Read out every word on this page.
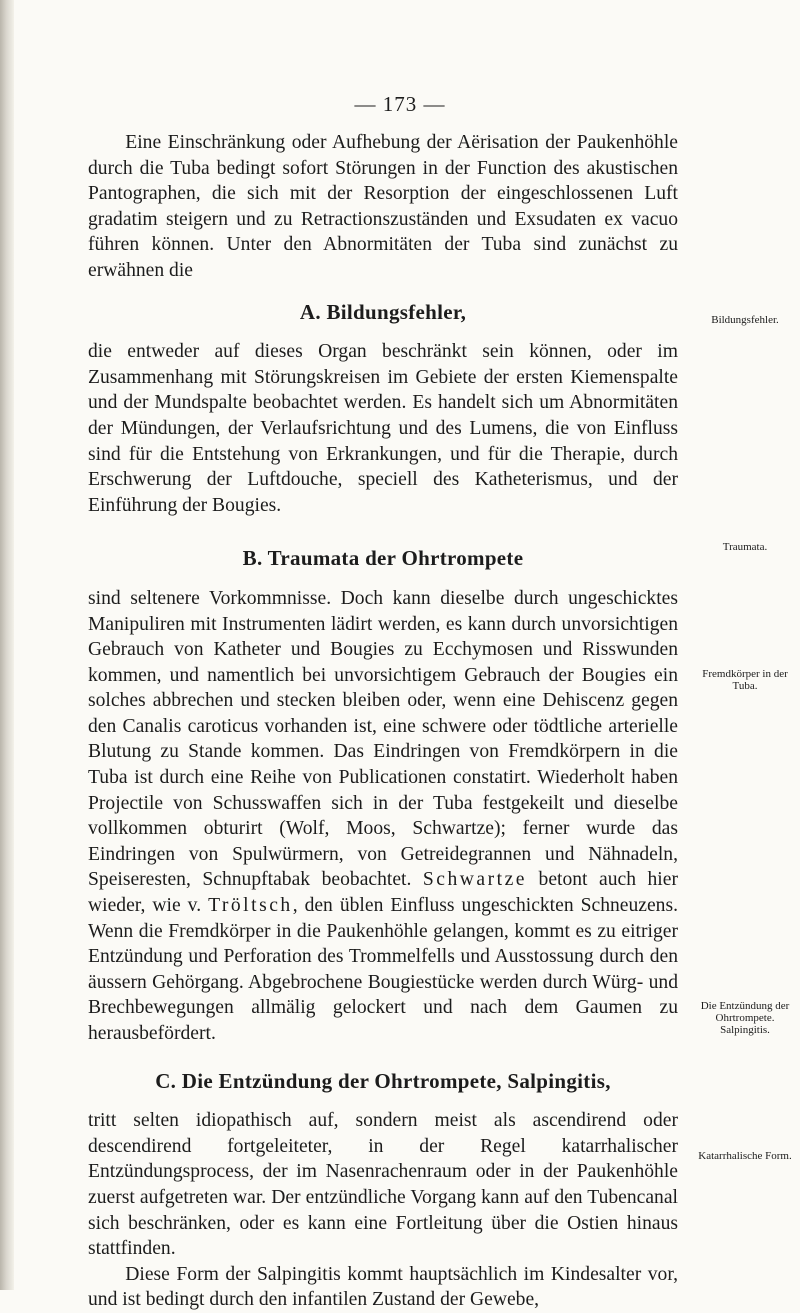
— 173 —

Eine Einschränkung oder Aufhebung der Aërisation der Paukenhöhle durch die Tuba bedingt sofort Störungen in der Function des akustischen Pantographen, die sich mit der Resorption der eingeschlossenen Luft gradatim steigern und zu Retractionszuständen und Exsudaten ex vacuo führen können. Unter den Abnormitäten der Tuba sind zunächst zu erwähnen die

A. Bildungsfehler,

die entweder auf dieses Organ beschränkt sein können, oder im Zusammenhang mit Störungskreisen im Gebiete der ersten Kiemenspalte und der Mundspalte beobachtet werden. Es handelt sich um Abnormitäten der Mündungen, der Verlaufsrichtung und des Lumens, die von Einfluss sind für die Entstehung von Erkrankungen, und für die Therapie, durch Erschwerung der Luftdouche, speciell des Katheterismus, und der Einführung der Bougies.

B. Traumata der Ohrtrompete

sind seltenere Vorkommnisse. Doch kann dieselbe durch ungeschicktes Manipuliren mit Instrumenten lädirt werden, es kann durch unvorsichtigen Gebrauch von Katheter und Bougies zu Ecchymosen und Risswunden kommen, und namentlich bei unvorsichtigem Gebrauch der Bougies ein solches abbrechen und stecken bleiben oder, wenn eine Dehiscenz gegen den Canalis caroticus vorhanden ist, eine schwere oder tödtliche arterielle Blutung zu Stande kommen. Das Eindringen von Fremdkörpern in die Tuba ist durch eine Reihe von Publicationen constatirt. Wiederholt haben Projectile von Schusswaffen sich in der Tuba festgekeilt und dieselbe vollkommen obturirt (Wolf, Moos, Schwartze); ferner wurde das Eindringen von Spulwürmern, von Getreidegrannen und Nähnadeln, Speiseresten, Schnupftabak beobachtet. Schwartze betont auch hier wieder, wie v. Tröltsch, den üblen Einfluss ungeschickten Schneuzens. Wenn die Fremdkörper in die Paukenhöhle gelangen, kommt es zu eitriger Entzündung und Perforation des Trommelfells und Ausstossung durch den äussern Gehörgang. Abgebrochene Bougiestücke werden durch Würg- und Brechbewegungen allmälig gelockert und nach dem Gaumen zu herausbefördert.

C. Die Entzündung der Ohrtrompete, Salpingitis,

tritt selten idiopathisch auf, sondern meist als ascendirend oder descendirend fortgeleiteter, in der Regel katarrhalischer Entzündungsprocess, der im Nasenrachenraum oder in der Paukenhöhle zuerst aufgetreten war. Der entzündliche Vorgang kann auf den Tubencanal sich beschränken, oder es kann eine Fortleitung über die Ostien hinaus stattfinden.

Diese Form der Salpingitis kommt hauptsächlich im Kindesalter vor, und ist bedingt durch den infantilen Zustand der Gewebe,

Bildungsfehler.
Traumata.
Fremdkörper in der Tuba.
Die Entzündung der Ohrtrompete. Salpingitis.
Katarrhalische Form.
